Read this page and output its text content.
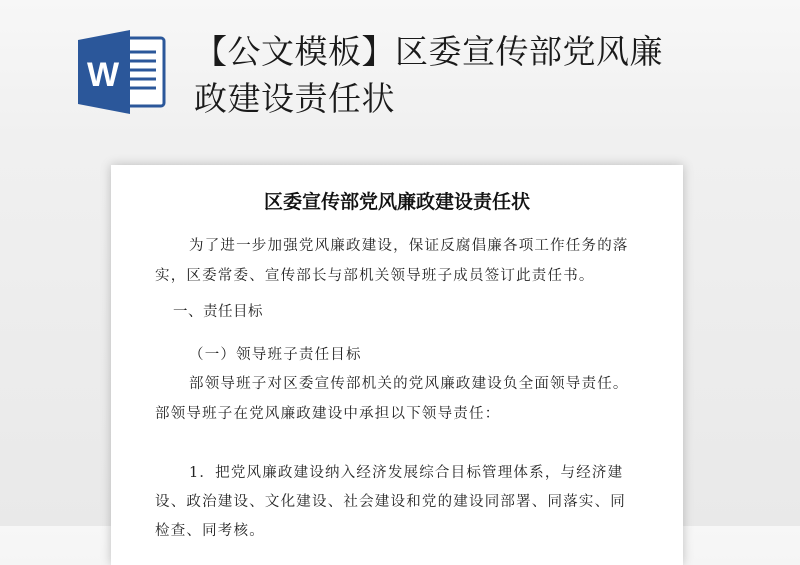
W
【公文模板】区委宣传部党风廉
政建设责任状
区委宣传部党风廉政建设责任状
为了进一步加强党风廉政建设，保证反腐倡廉各项工作任务的落
实，区委常委、宣传部长与部机关领导班子成员签订此责任书。
一、责任目标
（一）领导班子责任目标
部领导班子对区委宣传部机关的党风廉政建设负全面领导责任。
部领导班子在党风廉政建设中承担以下领导责任：
1．把党风廉政建设纳入经济发展综合目标管理体系，与经济建
设、政治建设、文化建设、社会建设和党的建设同部署、同落实、同
检查、同考核。
